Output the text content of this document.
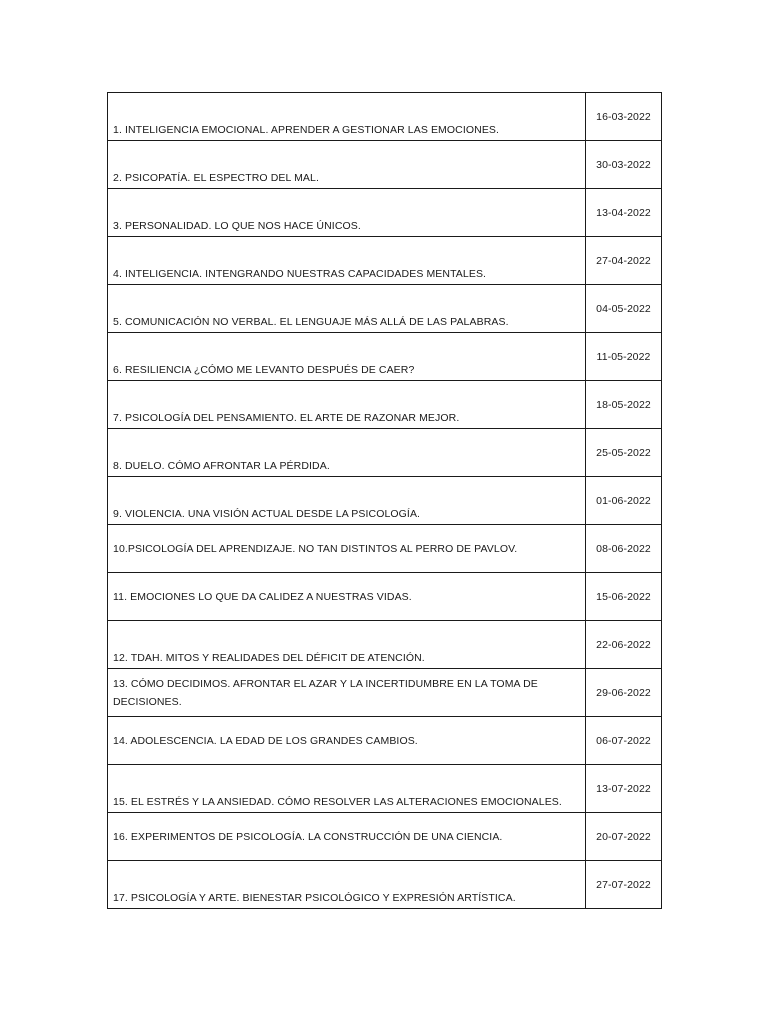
1. INTELIGENCIA EMOCIONAL. APRENDER A GESTIONAR LAS EMOCIONES.	16-03-2022
2. PSICOPATÍA. EL ESPECTRO DEL MAL.	30-03-2022
3. PERSONALIDAD. LO QUE NOS HACE ÚNICOS.	13-04-2022
4. INTELIGENCIA. INTENGRANDO NUESTRAS CAPACIDADES MENTALES.	27-04-2022
5. COMUNICACIÓN NO VERBAL. EL LENGUAJE MÁS ALLÁ DE LAS PALABRAS.	04-05-2022
6. RESILIENCIA ¿CÓMO ME LEVANTO DESPUÉS DE CAER?	11-05-2022
7. PSICOLOGÍA DEL PENSAMIENTO. EL ARTE DE RAZONAR MEJOR.	18-05-2022
8. DUELO. CÓMO AFRONTAR LA PÉRDIDA.	25-05-2022
9. VIOLENCIA. UNA VISIÓN ACTUAL DESDE LA PSICOLOGÍA.	01-06-2022
10.PSICOLOGÍA DEL APRENDIZAJE. NO TAN DISTINTOS AL PERRO DE PAVLOV.	08-06-2022
11. EMOCIONES LO QUE DA CALIDEZ A NUESTRAS VIDAS.	15-06-2022
12. TDAH. MITOS Y REALIDADES DEL DÉFICIT DE ATENCIÓN.	22-06-2022
13. CÓMO DECIDIMOS. AFRONTAR EL AZAR Y LA INCERTIDUMBRE EN LA TOMA DE DECISIONES.	29-06-2022
14. ADOLESCENCIA. LA EDAD DE LOS GRANDES CAMBIOS.	06-07-2022
15. EL ESTRÉS Y LA ANSIEDAD. CÓMO RESOLVER LAS ALTERACIONES EMOCIONALES.	13-07-2022
16. EXPERIMENTOS DE PSICOLOGÍA. LA CONSTRUCCIÓN DE UNA CIENCIA.	20-07-2022
17. PSICOLOGÍA Y ARTE. BIENESTAR PSICOLÓGICO Y EXPRESIÓN ARTÍSTICA.	27-07-2022
